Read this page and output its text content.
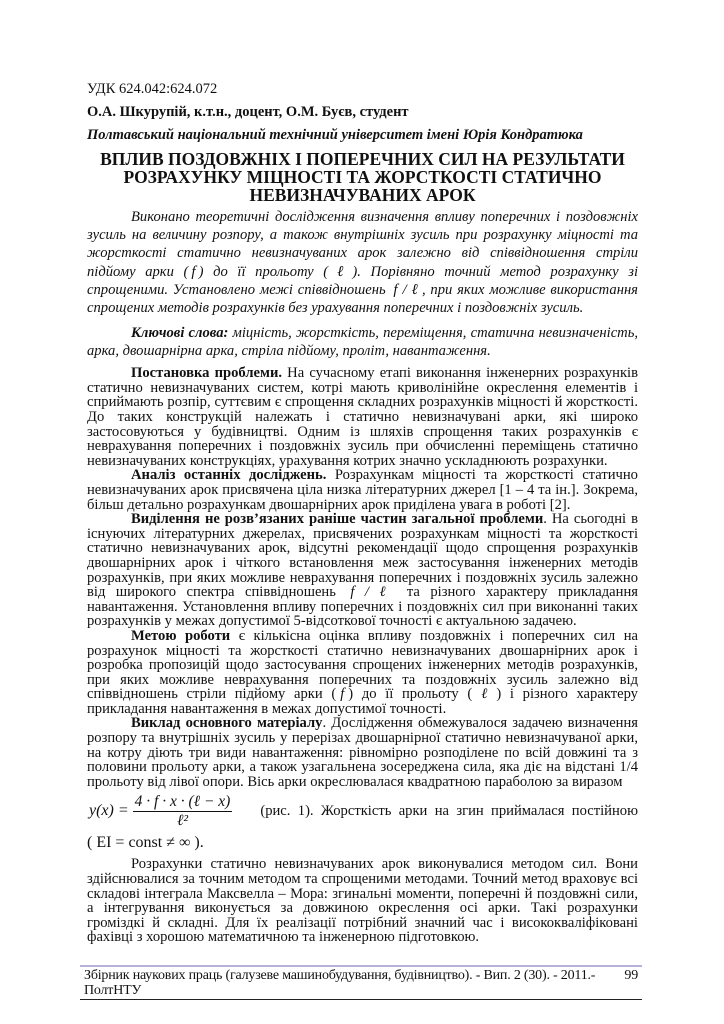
УДК 624.042:624.072
О.А. Шкурупій, к.т.н., доцент, О.М. Буєв, студент
Полтавський національний технічний університет імені Юрія Кондратюка
ВПЛИВ ПОЗДОВЖНІХ І ПОПЕРЕЧНИХ СИЛ НА РЕЗУЛЬТАТИ
РОЗРАХУНКУ МІЦНОСТІ ТА ЖОРСТКОСТІ СТАТИЧНО
НЕВИЗНАЧУВАНИХ АРОК
Виконано теоретичні дослідження визначення впливу поперечних і поздовжніх зусиль на величину розпору, а також внутрішніх зусиль при розрахунку міцності та жорсткості статично невизначуваних арок залежно від співвідношення стріли підйому арки ( f ) до її прольоту ( ℓ ). Порівняно точний метод розрахунку зі спрощеними. Установлено межі співвідношень f / ℓ , при яких можливе використання спрощених методів розрахунків без урахування поперечних і поздовжніх зусиль.
Ключові слова: міцність, жорсткість, переміщення, статична невизначеність, арка, двошарнірна арка, стріла підйому, проліт, навантаження.

Постановка проблеми. На сучасному етапі виконання інженерних розрахунків статично невизначуваних систем, котрі мають криволінійне окреслення елементів і сприймають розпір, суттєвим є спрощення складних розрахунків міцності й жорсткості. До таких конструкцій належать і статично невизначувані арки, які широко застосовуються у будівництві. Одним із шляхів спрощення таких розрахунків є неврахування поперечних і поздовжніх зусиль при обчисленні переміщень статично невизначуваних конструкціях, урахування котрих значно ускладнюють розрахунки.

Аналіз останніх досліджень. Розрахункам міцності та жорсткості статично невизначуваних арок присвячена ціла низка літературних джерел [1 – 4 та ін.]. Зокрема, більш детально розрахункам двошарнірних арок приділена увага в роботі [2].

Виділення не розв’язаних раніше частин загальної проблеми. На сьогодні в існуючих літературних джерелах, присвячених розрахункам міцності та жорсткості статично невизначуваних арок, відсутні рекомендації щодо спрощення розрахунків двошарнірних арок і чіткого встановлення меж застосування інженерних методів розрахунків, при яких можливе неврахування поперечних і поздовжніх зусиль залежно від широкого спектра співвідношень f / ℓ та різного характеру прикладання навантаження. Установлення впливу поперечних і поздовжніх сил при виконанні таких розрахунків у межах допустимої 5-відсоткової точності є актуальною задачею.

Метою роботи є кількісна оцінка впливу поздовжніх і поперечних сил на розрахунок міцності та жорсткості статично невизначуваних двошарнірних арок і розробка пропозицій щодо застосування спрощених інженерних методів розрахунків, при яких можливе неврахування поперечних та поздовжніх зусиль залежно від співвідношень стріли підйому арки ( f ) до її прольоту ( ℓ ) і різного характеру прикладання навантаження в межах допустимої точності.

Виклад основного матеріалу. Дослідження обмежувалося задачею визначення розпору та внутрішніх зусиль у перерізах двошарнірної статично невизначуваної арки, на котру діють три види навантаження: рівномірно розподілене по всій довжині та з половини прольоту арки, а також узагальнена зосереджена сила, яка діє на відстані 1/4 прольоту від лівої опори. Вісь арки окреслювалася квадратною параболою за виразом

$y(x) = \frac{\text{4 · f · x · (ℓ − x)}}{\text{ℓ²}} (рис$. 1). Жорсткість арки на згин приймалася постійною
( EI = const ≠ ∞ ).

Розрахунки статично невизначуваних арок виконувалися методом сил. Вони здійснювалися за точним методом та спрощеними методами. Точний метод враховує всі складові інтеграла Максвелла – Мора: згинальні моменти, поперечні й поздовжні сили, а інтегрування виконується за довжиною окреслення осі арки. Такі розрахунки громіздкі й складні. Для їх реалізації потрібний значний час і висококваліфіковані фахівці з хорошою математичною та інженерною підготовкою.

Збірник наукових праць (галузеве машинобудування, будівництво). - Вип. 2 (30). - 2011.-ПолтНТУ
99
